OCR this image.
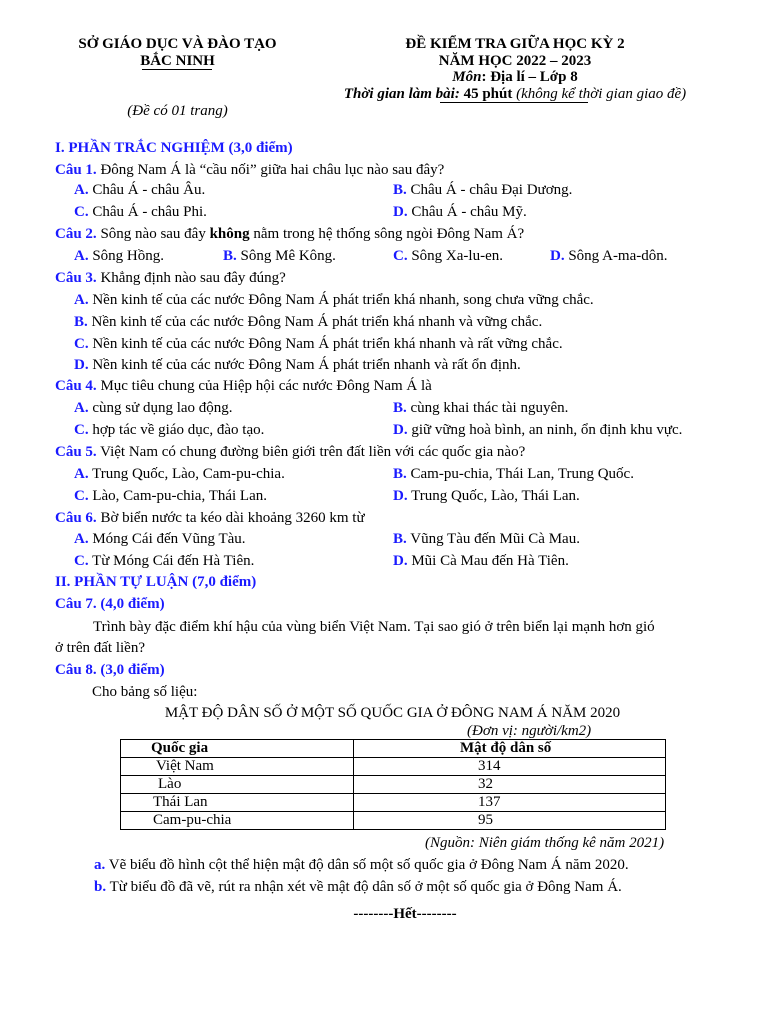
SỞ GIÁO DỤC VÀ ĐÀO TẠO
BẮC NINH
(Đề có 01 trang)
ĐỀ KIỂM TRA GIỮA HỌC KỲ 2
NĂM HỌC 2022 – 2023
Môn: Địa lí – Lớp 8
Thời gian làm bài: 45 phút (không kể thời gian giao đề)
I. PHẦN TRẮC NGHIỆM (3,0 điểm)
Câu 1. Đông Nam Á là “cầu nối” giữa hai châu lục nào sau đây?
A. Châu Á - châu Âu.	B. Châu Á - châu Đại Dương.
C. Châu Á - châu Phi.	D. Châu Á - châu Mỹ.
Câu 2. Sông nào sau đây không nằm trong hệ thống sông ngòi Đông Nam Á?
A. Sông Hồng.	B. Sông Mê Kông.	C. Sông Xa-lu-en.	D. Sông A-ma-dôn.
Câu 3. Khẳng định nào sau đây đúng?
A. Nền kinh tế của các nước Đông Nam Á phát triển khá nhanh, song chưa vững chắc.
B. Nền kinh tế của các nước Đông Nam Á phát triển khá nhanh và vững chắc.
C. Nền kinh tế của các nước Đông Nam Á phát triển khá nhanh và rất vững chắc.
D. Nền kinh tế của các nước Đông Nam Á phát triển nhanh và rất ổn định.
Câu 4. Mục tiêu chung của Hiệp hội các nước Đông Nam Á là
A. cùng sử dụng lao động.	B. cùng khai thác tài nguyên.
C. hợp tác về giáo dục, đào tạo.	D. giữ vững hoà bình, an ninh, ổn định khu vực.
Câu 5. Việt Nam có chung đường biên giới trên đất liền với các quốc gia nào?
A. Trung Quốc, Lào, Cam-pu-chia.	B. Cam-pu-chia, Thái Lan, Trung Quốc.
C. Lào, Cam-pu-chia, Thái Lan.	D. Trung Quốc, Lào, Thái Lan.
Câu 6. Bờ biển nước ta kéo dài khoảng 3260 km từ
A. Móng Cái đến Vũng Tàu.	B. Vũng Tàu đến Mũi Cà Mau.
C. Từ Móng Cái đến Hà Tiên.	D. Mũi Cà Mau đến Hà Tiên.
II. PHẦN TỰ LUẬN (7,0 điểm)
Câu 7. (4,0 điểm)
Trình bày đặc điểm khí hậu của vùng biển Việt Nam. Tại sao gió ở trên biển lại mạnh hơn gió
ở trên đất liền?
Câu 8. (3,0 điểm)
Cho bảng số liệu:
MẬT ĐỘ DÂN SỐ Ở MỘT SỐ QUỐC GIA Ở ĐÔNG NAM Á NĂM 2020
(Đơn vị: người/km2)
Quốc gia	Mật độ dân số
Việt Nam	314
Lào	32
Thái Lan	137
Cam-pu-chia	95
(Nguồn: Niên giám thống kê năm 2021)
a. Vẽ biểu đồ hình cột thể hiện mật độ dân số một số quốc gia ở Đông Nam Á năm 2020.
b. Từ biểu đồ đã vẽ, rút ra nhận xét về mật độ dân số ở một số quốc gia ở Đông Nam Á.
--------Hết--------
